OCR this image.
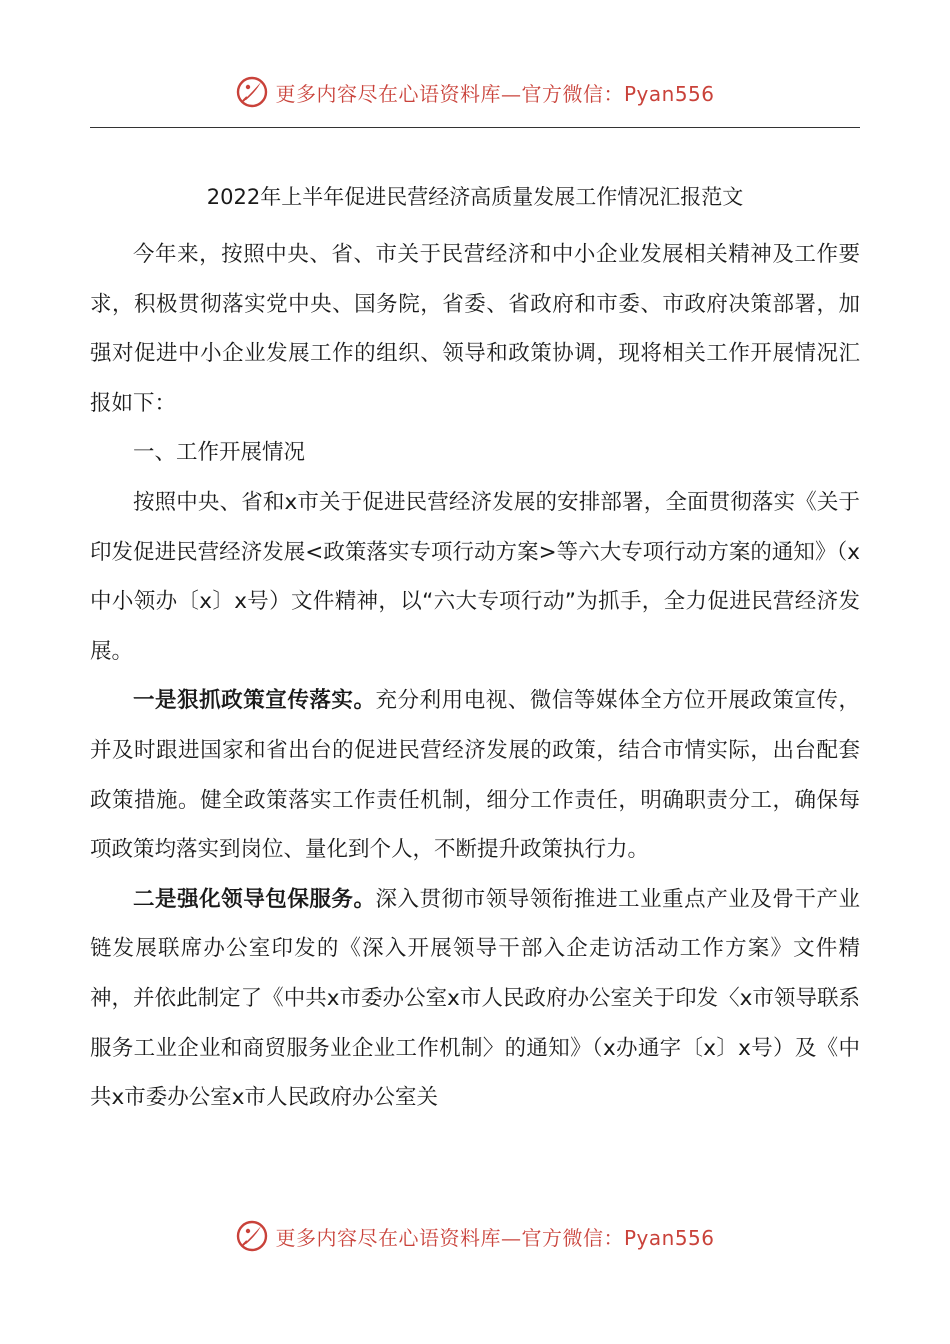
更多内容尽在心语资料库—官方微信：Pyan556
2022年上半年促进民营经济高质量发展工作情况汇报范文

今年来，按照中央、省、市关于民营经济和中小企业发展相关精神及工作要求，积极贯彻落实党中央、国务院，省委、省政府和市委、市政府决策部署，加强对促进中小企业发展工作的组织、领导和政策协调，现将相关工作开展情况汇报如下：

一、工作开展情况

按照中央、省和x市关于促进民营经济发展的安排部署，全面贯彻落实《关于印发促进民营经济发展<政策落实专项行动方案>等六大专项行动方案的通知》（x中小领办〔x〕x号）文件精神，以“六大专项行动”为抓手，全力促进民营经济发展。

一是狠抓政策宣传落实。充分利用电视、微信等媒体全方位开展政策宣传，并及时跟进国家和省出台的促进民营经济发展的政策，结合市情实际，出台配套政策措施。健全政策落实工作责任机制，细分工作责任，明确职责分工，确保每项政策均落实到岗位、量化到个人，不断提升政策执行力。

二是强化领导包保服务。深入贯彻市领导领衔推进工业重点产业及骨干产业链发展联席办公室印发的《深入开展领导干部入企走访活动工作方案》文件精神，并依此制定了《中共x市委办公室x市人民政府办公室关于印发〈x市领导联系服务工业企业和商贸服务业企业工作机制〉的通知》（x办通字〔x〕x号）及《中共x市委办公室x市人民政府办公室关

更多内容尽在心语资料库—官方微信：Pyan556
